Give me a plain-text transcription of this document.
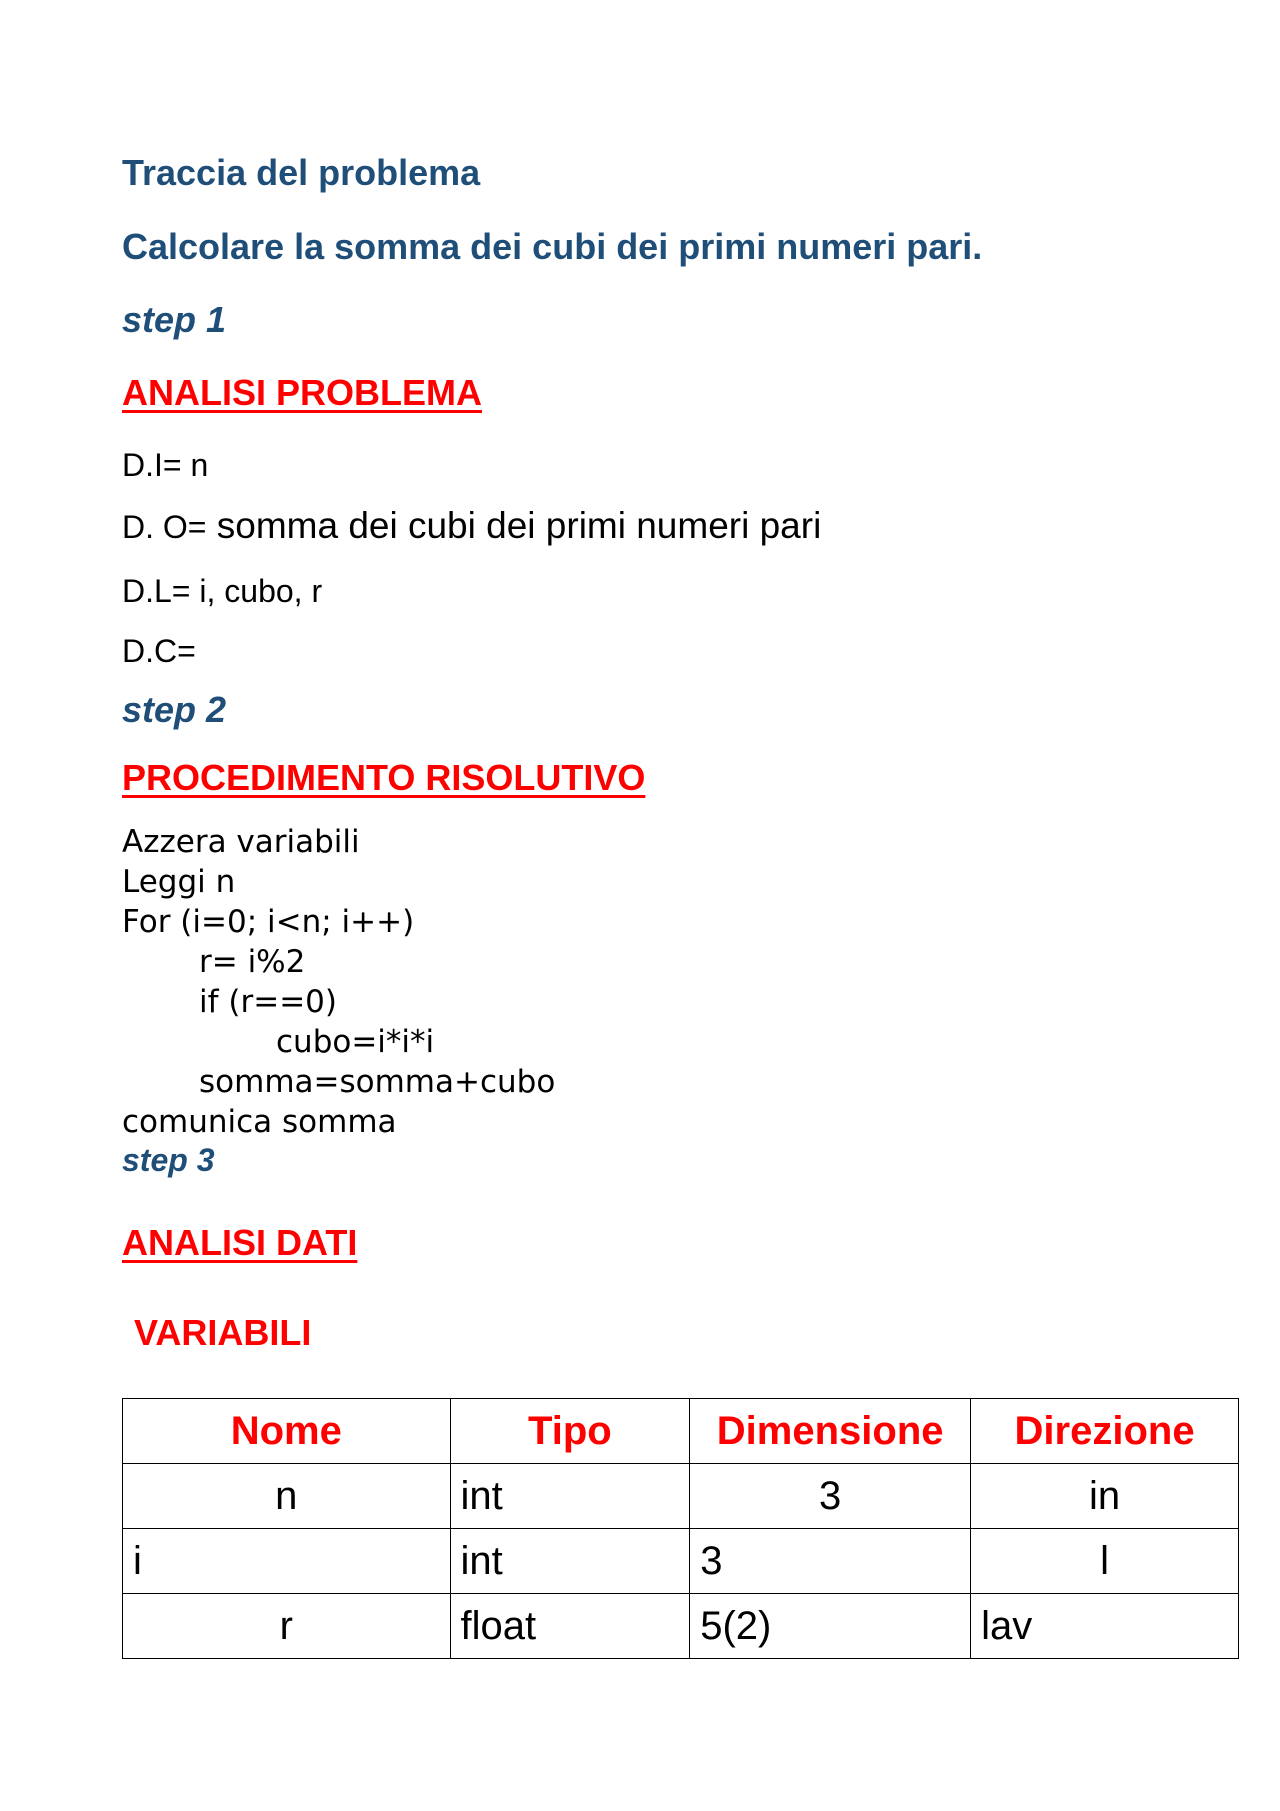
Traccia del problema
Calcolare la somma dei cubi dei primi numeri pari.
step 1
ANALISI PROBLEMA
D.I= n
D. O= somma dei cubi dei primi numeri pari
D.L= i, cubo, r
D.C=
step 2
PROCEDIMENTO RISOLUTIVO
Azzera variabili
Leggi n
For (i=0; i<n; i++)
r= i%2
if (r==0)
cubo=i*i*i
somma=somma+cubo
comunica somma
step 3
ANALISI DATI
VARIABILI
Nome	Tipo	Dimensione	Direzione
n	int	3	in
i	int	3	l
r	float	5(2)	lav
